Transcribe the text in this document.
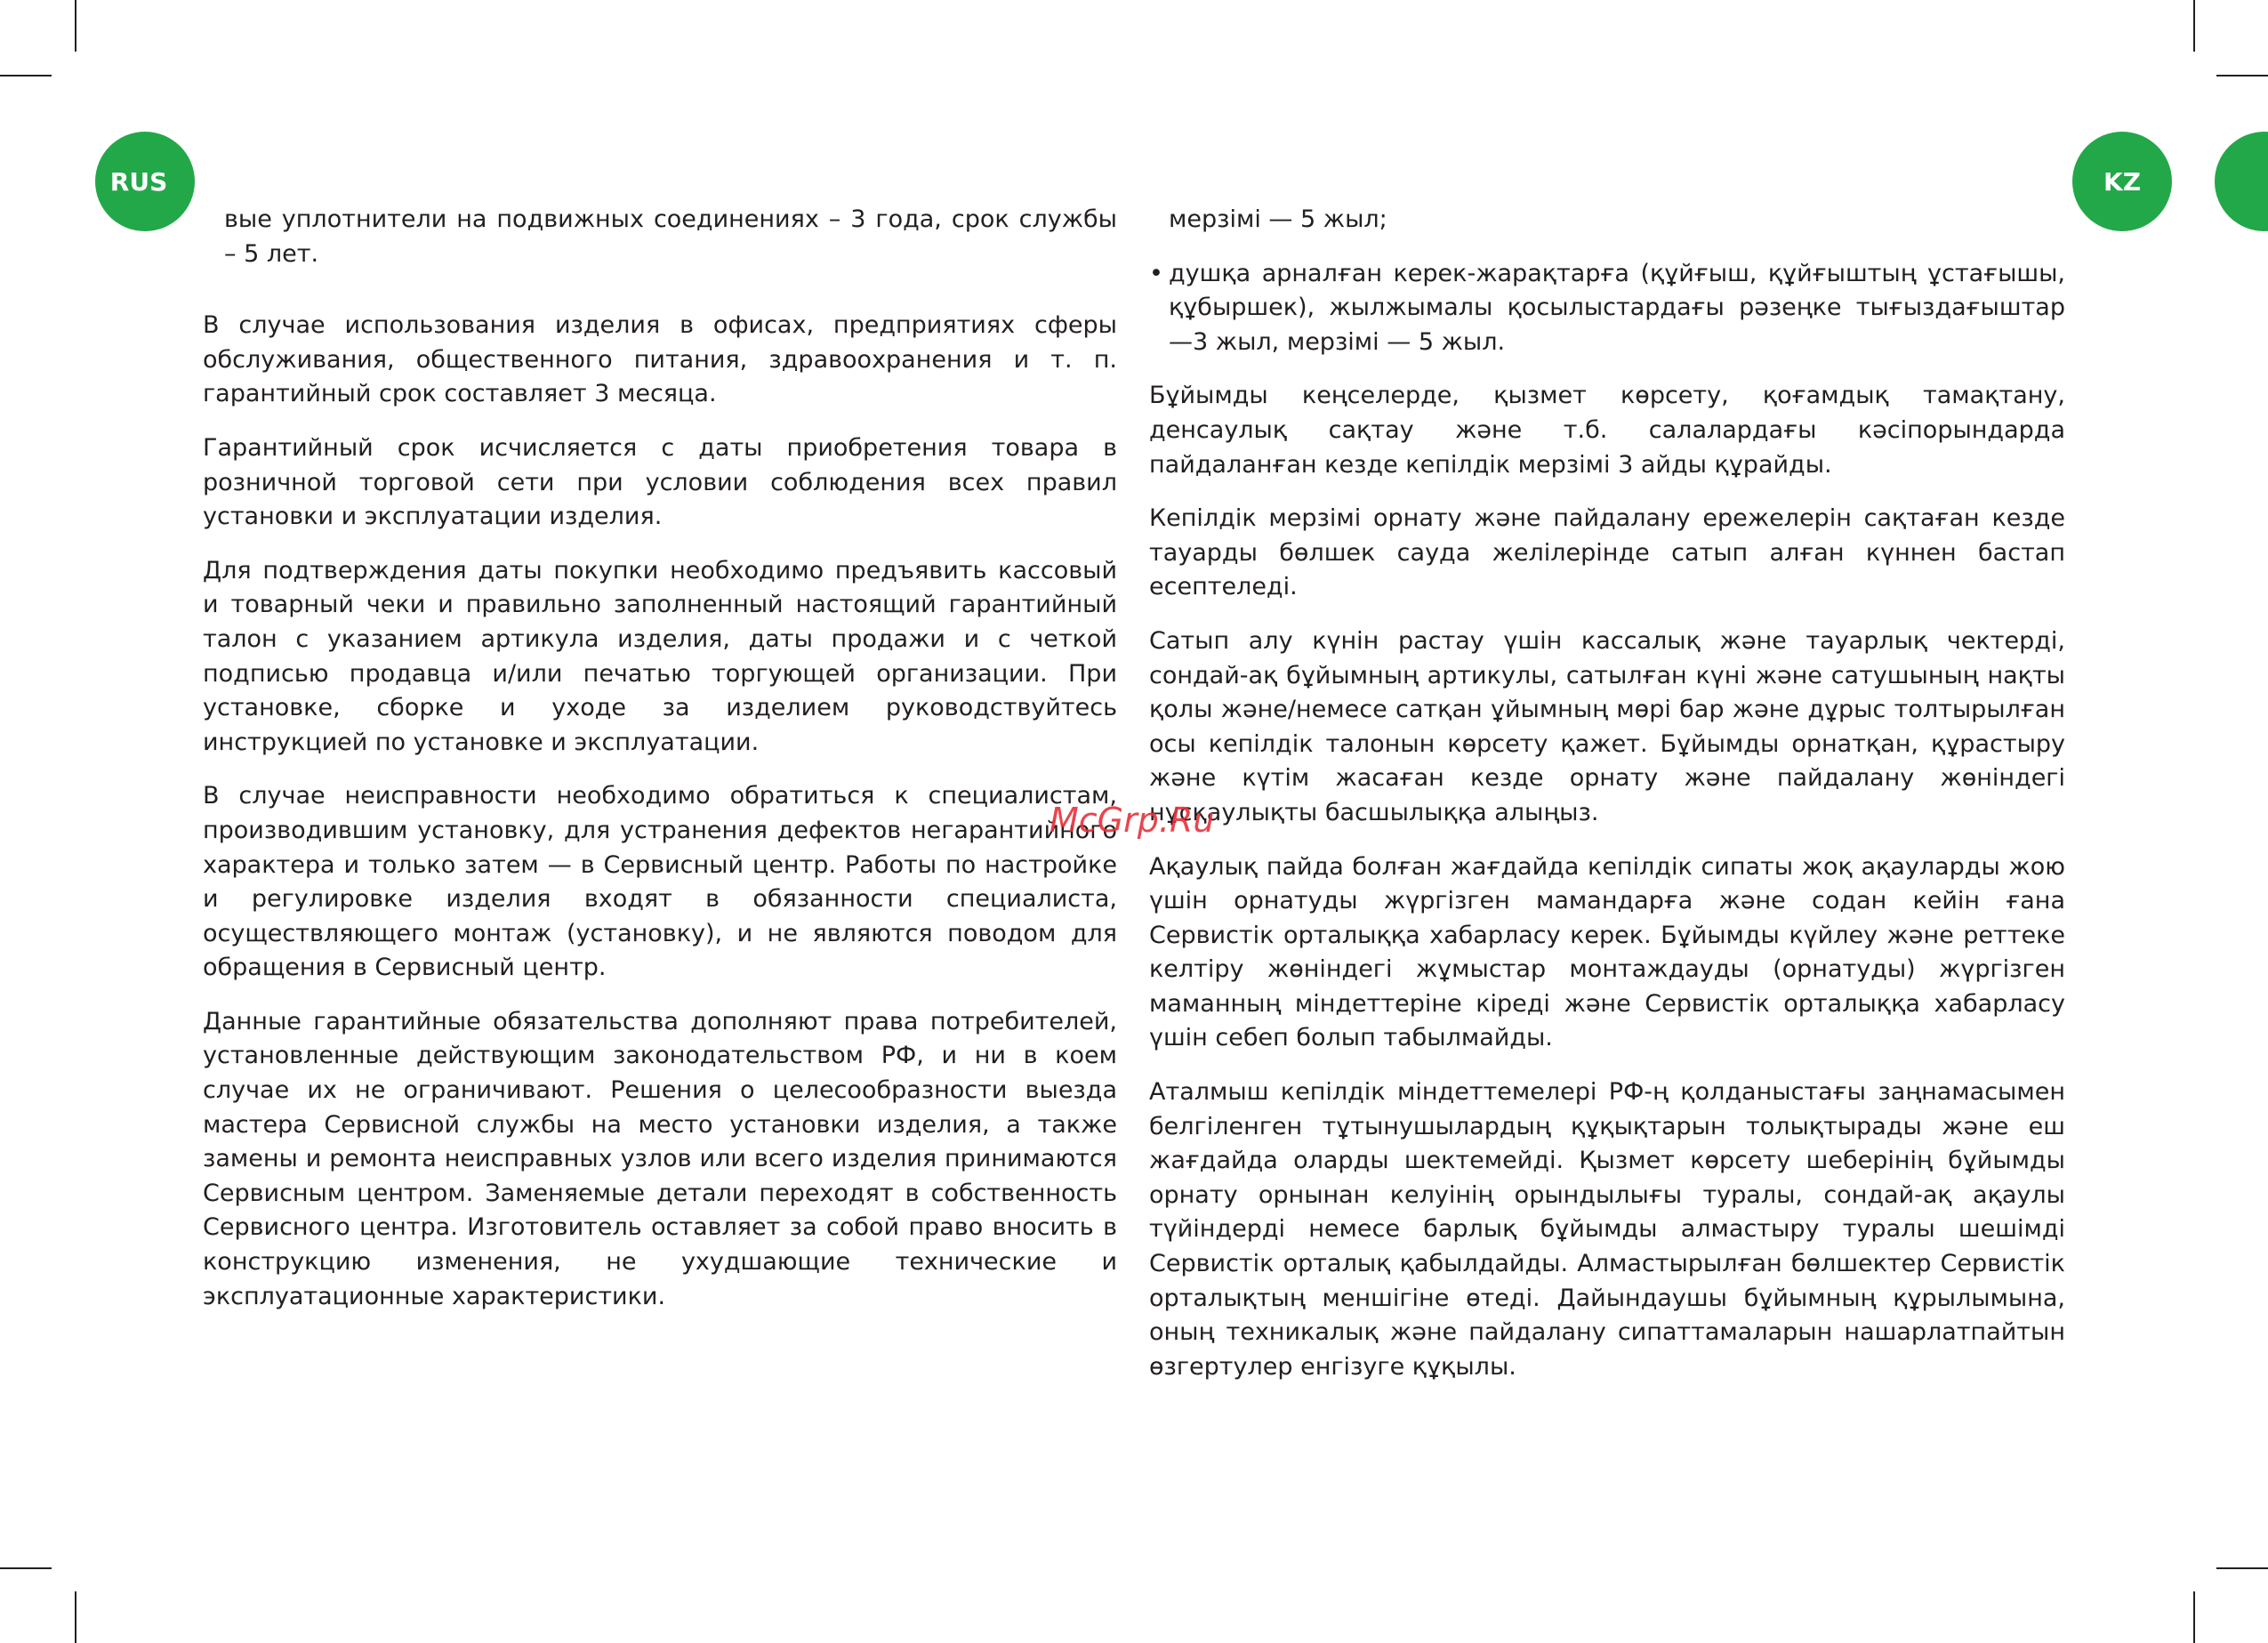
RUS	KZ

вые уплотнители на подвижных соединениях – 3 года, срок службы – 5 лет.

В случае использования изделия в офисах, предприятиях сферы обслуживания, общественного питания, здравоохранения и т. п. гарантийный срок составляет 3 месяца.

Гарантийный срок исчисляется с даты приобретения товара в розничной торговой сети при условии соблюдения всех правил установки и эксплуатации изделия.

Для подтверждения даты покупки необходимо предъявить кассовый и товарный чеки и правильно заполненный настоящий гарантийный талон с указанием артикула изделия, даты продажи и с четкой подписью продавца и/или печатью торгующей организации. При установке, сборке и уходе за изделием руководствуйтесь инструкцией по установке и эксплуатации.

В случае неисправности необходимо обратиться к специалистам, производившим установку, для устранения дефектов негарантийного характера и только затем — в Сервисный центр. Работы по настройке и регулировке изделия входят в обязанности специалиста, осуществляющего монтаж (установку), и не являются поводом для обращения в Сервисный центр.

Данные гарантийные обязательства дополняют права потребителей, установленные действующим законодательством РФ, и ни в коем случае их не ограничивают. Решения о целесообразности выезда мастера Сервисной службы на место установки изделия, а также замены и ремонта неисправных узлов или всего изделия принимаются Сервисным центром. Заменяемые детали переходят в собственность Сервисного центра. Изготовитель оставляет за собой право вносить в конструкцию изменения, не ухудшающие технические и эксплуатационные характеристики.

мерзімі — 5 жыл;

• душқа арналған керек-жарақтарға (құйғыш, құйғыштың ұстағышы, құбыршек), жылжымалы қосылыстардағы рәзеңке тығыздағыштар —3 жыл, мерзімі — 5 жыл.

Бұйымды кеңселерде, қызмет көрсету, қоғамдық тамақтану, денсаулық сақтау және т.б. салалардағы кәсіпорындарда пайдаланған кезде кепілдік мерзімі 3 айды құрайды.

Кепілдік мерзімі орнату және пайдалану ережелерін сақтаған кезде тауарды бөлшек сауда желілерінде сатып алған күннен бастап есептеледі.

Сатып алу күнін растау үшін кассалық және тауарлық чектерді, сондай-ақ бұйымның артикулы, сатылған күні және сатушының нақты қолы және/немесе сатқан ұйымның мөрі бар және дұрыс толтырылған осы кепілдік талонын көрсету қажет. Бұйымды орнатқан, құрастыру және күтім жасаған кезде орнату және пайдалану жөніндегі нұсқаулықты басшылыққа алыңыз.

Ақаулық пайда болған жағдайда кепілдік сипаты жоқ ақауларды жою үшін орнатуды жүргізген мамандарға және содан кейін ғана Сервистік орталыққа хабарласу керек. Бұйымды күйлеу және реттеке келтіру жөніндегі жұмыстар монтаждауды (орнатуды) жүргізген маманның міндеттеріне кіреді және Сервистік орталыққа хабарласу үшін себеп болып табылмайды.

Аталмыш кепілдік міндеттемелері РФ-ң қолданыстағы заңнамасымен белгіленген тұтынушылардың құқықтарын толықтырады және еш жағдайда оларды шектемейді. Қызмет көрсету шеберінің бұйымды орнату орнынан келуінің орындылығы туралы, сондай-ақ ақаулы түйіндерді немесе барлық бұйымды алмастыру туралы шешімді Сервистік орталық қабылдайды. Алмастырылған бөлшектер Сервистік орталықтың меншігіне өтеді. Дайындаушы бұйымның құрылымына, оның техникалық және пайдалану сипаттамаларын нашарлатпайтын өзгертулер енгізуге құқылы.

McGrp.Ru
